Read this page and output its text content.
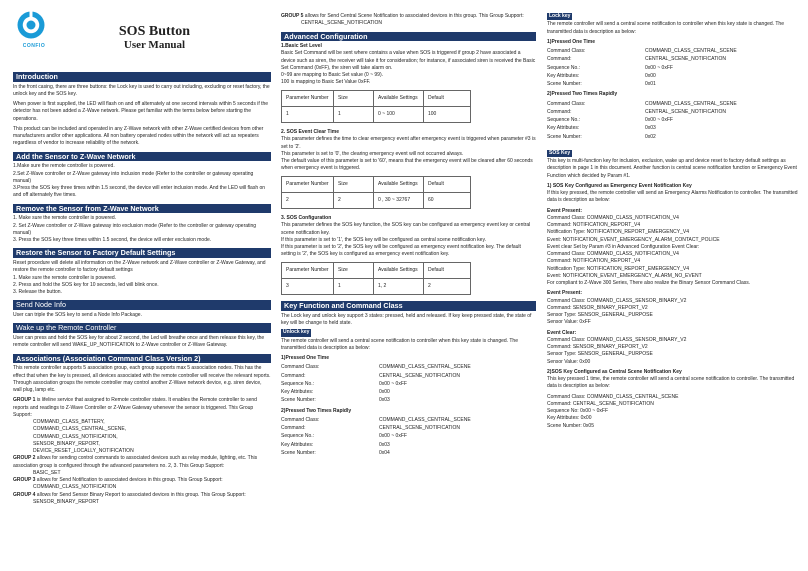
CONFIO
SOS Button
User Manual
Introduction
In the front casing, there are three buttons: the Lock key is used to carry out including, excluding or reset factory, the unlock key and the SOS key.
When power is first supplied, the LED will flash on and off alternately at one second intervals within 5 seconds if the detector has not been added a Z-Wave network. Please get familiar with the terms below before starting the operations.
This product can be included and operated in any Z-Wave network with other Z-Wave certified devices from other manufacturers and/or other applications. All non battery operated nodes within the network will act as repeaters regardless of vendor to increase reliability of the network.
Add the Sensor to Z-Wave Network
1.Make sure the remote controller is powered.
2.Set Z-Wave controller or Z-Wave gateway into inclusion mode (Refer to the controller or gateway operating manual)
3.Press the SOS key three times within 1.5 second, the device will enter inclusion mode. And the LED will flash on and off alternately five times.
Remove the Sensor from Z-Wave Network
1. Make sure the remote controller is powered.
2. Set Z-Wave controller or Z-Wave gateway into exclusion mode (Refer to the controller or gateway operating manual)
3. Press the SOS key three times within 1.5 second, the device will enter exclusion mode.
Restore the Sensor to Factory Default Settings
Reset procedure will delete all information on the Z-Wave network and Z-Wave controller or Z-Wave Gateway, and restore the remote controller to factory default settings
1. Make sure the remote controller is powered.
2. Press and hold the SOS key for 10 seconds, led will blink once.
3. Release the button.
Send Node Info
User can triple the SOS key to send a Node Info Package.
Wake up the Remote Controller
User can press and hold the SOS key for about 2 second, the Led will breathe once and then release this key, the remote controller will send WAKE_UP_NOTIFICATION to Z-Wave controller or Z-Wave Gateway.
Associations (Association Command Class Version 2)
This remote controller supports 5 association group, each group supports max 5 association nodes. This has the effect that when the key is pressed, all devices associated with the remote controller will receive the relevant reports. Through association groups the remote controller may control another Z-Wave network device, e.g. siren device, wall plug, lamp etc.
GROUP 1 is lifeline service that assigned to Remote controller states. It enables the Remote controller to send reports and readings to Z-Wave Controller or Z-Wave Gateway whenever the sensor is triggered. This Group Support:
COMMAND_CLASS_BATTERY,
COMMAND_CLASS_CENTRAL_SCENE,
COMMAND_CLASS_NOTIFICATION,
SENSOR_BINARY_REPORT,
DEVICE_RESET_LOCALLY_NOTIFICATION
GROUP 2 allows for sending control commands to associated devices such as relay module, lighting, etc. This association group is configured through the advanced parameters no. 2, 3. This Group Support:
BASIC_SET
GROUP 3 allows for Send Notification to associated devices in this group. This Group Support:
COMMAND_CLASS_NOTIFICATION
GROUP 4 allows for Send Sensor Binary Report to associated devices in this group. This Group Support:
SENSOR_BINARY_REPORT
GROUP 5 allows for Send Central Scene Notification to associated devices in this group. This Group Support:
CENTRAL_SCENE_NOTIFICATION
Advanced Configuration
1.Basic Set Level
Basic Set Command will be sent where contains a value when SOS is triggered if group 2 have associated a device such as siren, the receiver will take it for consideration; for instance, if associated siren is received the Basic Set Command (0xFF), the siren will take alarm on.
0~99 are mapping to Basic Set value (0 ~ 99).
100 is mapping to Basic Set Value 0xFF.
Parameter Number	Size	Available Settings	Default
1	1	0 ~ 100	100
2. SOS Event Clear Time
This parameter defines the time to clear emergency event after emergency event is triggered when parameter #3 is set to '2'.
This parameter is set to '0', the clearing emergency event will not occurred always.
The default value of this parameter is set to '60', means that the emergency event will be cleared after 60 seconds when emergency event is triggered.
Parameter Number	Size	Available Settings	Default
2	2	0 , 30 ~ 32767	60
3. SOS Configuration
This parameter defines the SOS key function, the SOS key can be configured as emergency event key or central scene notification key.
If this parameter is set to '1', the SOS key will be configured as central scene notification key.
If this parameter is set to '2', the SOS key will be configured as emergency event notification key. The default setting is '2', the SOS key is configured as emergency event notification key.
Parameter Number	Size	Available Settings	Default
3	1	1, 2	2
Key Function and Command Class
The Lock key and unlock key support 3 states: pressed, held and released. If key keep pressed state, the state of key will be change to held state.
Unlock key
The remote controller will send a central scene notification to controller when this key state is changed. The transmitted data is description as below:
1)Pressed One Time
Command Class:	COMMAND_CLASS_CENTRAL_SCENE
Command:	CENTRAL_SCENE_NOTIFICATION
Sequence No.:	0x00 ~ 0xFF
Key Attributes:	0x00
Scene Number:	0x03
2)Pressed Two Times Rapidly
Command Class:	COMMAND_CLASS_CENTRAL_SCENE
Command:	CENTRAL_SCENE_NOTIFICATION
Sequence No.:	0x00 ~ 0xFF
Key Attributes:	0x03
Scene Number:	0x04
Lock key
The remote controller will send a central scene notification to controller when this key state is changed. The transmitted data is description as below:
1)Pressed One Time
Command Class:	COMMAND_CLASS_CENTRAL_SCENE
Command:	CENTRAL_SCENE_NOTIFICATION
Sequence No.:	0x00 ~ 0xFF
Key Attributes:	0x00
Scene Number:	0x01
2)Pressed Two Times Rapidly
Command Class:	COMMAND_CLASS_CENTRAL_SCENE
Command:	CENTRAL_SCENE_NOTIFICATION
Sequence No.:	0x00 ~ 0xFF
Key Attributes:	0x03
Scene Number:	0x02
SOS Key
This key is multi-function key for inclusion, exclusion, wake up and device reset to factory default settings as description in page 1 in this document. Another function is central scene notification function or Emergency Event Function which decided by Param #1.
1) SOS Key Configured as Emergency Event Notification Key
If this key pressed, the remote controller will send an Emergency Alarms Notification to controller. The transmitted data is description as below:
Event Present:
Command Class: COMMAND_CLASS_NOTIFICATION_V4
Command: NOTIFICATION_REPORT_V4
Notification Type: NOTIFICATION_REPORT_EMERGENCY_V4
Event: NOTIFICATION_EVENT_EMERGENCY_ALARM_CONTACT_POLICE
Event clear Set by Param #3 in Advanced Configuration Event Clear:
Command Class: COMMAND_CLASS_NOTIFICATION_V4
Command: NOTIFICATION_REPORT_V4
Notification Type: NOTIFICATION_REPORT_EMERGENCY_V4
Event: NOTIFICATION_EVENT_EMERGENCY_ALARM_NO_EVENT
For compliant to Z-Wave 300 Series, There also realize the Binary Sensor Command Class.
Event Present:
Command Class: COMMAND_CLASS_SENSOR_BINARY_V2
Command: SENSOR_BINARY_REPORT_V2
Sensor Type: SENSOR_GENERAL_PURPOSE
Sensor Value: 0xFF
Event Clear:
Command Class: COMMAND_CLASS_SENSOR_BINARY_V2
Command: SENSOR_BINARY_REPORT_V2
Sensor Type: SENSOR_GENERAL_PURPOSE
Sensor Value: 0x00
2)SOS Key Configured as Central Scene Notification Key
This key pressed 1 time, the remote controller will send a central scene notification to controller. The transmitted data is description as below:
Command Class: COMMAND_CLASS_CENTRAL_SCENE
Command: CENTRAL_SCENE_NOTIFICATION
Sequence No: 0x00 ~ 0xFF
Key Attributes: 0x00
Scene Number: 0x05
